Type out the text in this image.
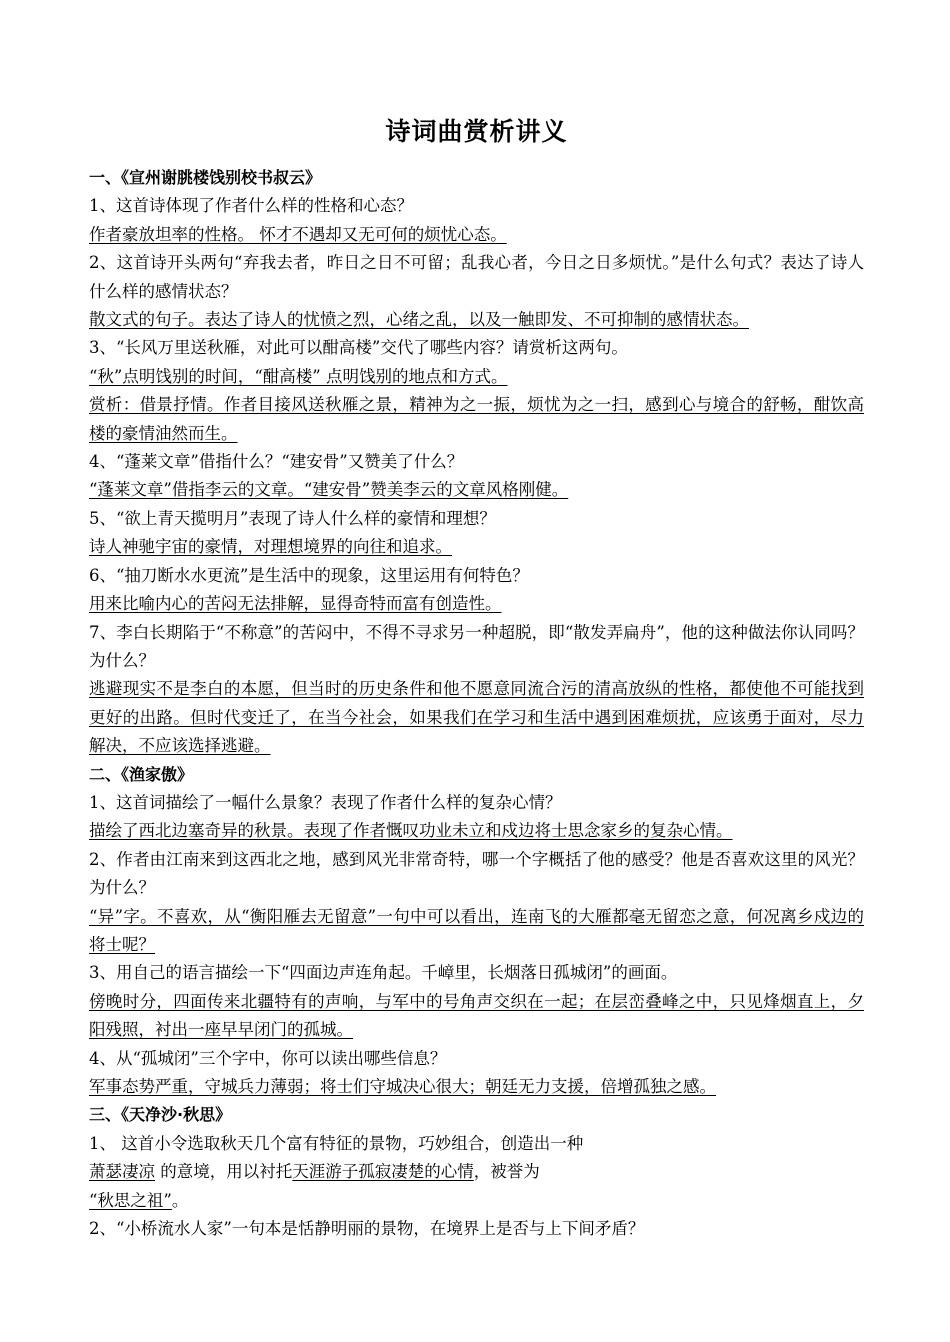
诗词曲赏析讲义

一、《宣州谢朓楼饯别校书叔云》

1、这首诗体现了作者什么样的性格和心态？

作者豪放坦率的性格。 怀才不遇却又无可何的烦忧心态。

2、这首诗开头两句“弃我去者，昨日之日不可留；乱我心者，今日之日多烦忧。”是什么句式？表达了诗人什么样的感情状态？

散文式的句子。表达了诗人的忧愤之烈，心绪之乱，以及一触即发、不可抑制的感情状态。

3、“长风万里送秋雁，对此可以酣高楼”交代了哪些内容？请赏析这两句。

“秋”点明饯别的时间，“酣高楼” 点明饯别的地点和方式。

赏析：借景抒情。作者目接风送秋雁之景，精神为之一振，烦忧为之一扫，感到心与境合的舒畅，酣饮高楼的豪情油然而生。

4、“蓬莱文章”借指什么？“建安骨”又赞美了什么？

“蓬莱文章”借指李云的文章。“建安骨”赞美李云的文章风格刚健。

5、“欲上青天揽明月”表现了诗人什么样的豪情和理想？

诗人神驰宇宙的豪情，对理想境界的向往和追求。

6、“抽刀断水水更流”是生活中的现象，这里运用有何特色？

用来比喻内心的苦闷无法排解，显得奇特而富有创造性。

7、李白长期陷于“不称意”的苦闷中，不得不寻求另一种超脱，即“散发弄扁舟”，他的这种做法你认同吗？为什么？

逃避现实不是李白的本愿，但当时的历史条件和他不愿意同流合污的清高放纵的性格，都使他不可能找到更好的出路。但时代变迁了，在当今社会，如果我们在学习和生活中遇到困难烦扰，应该勇于面对，尽力解决，不应该选择逃避。

二、《渔家傲》

1、这首词描绘了一幅什么景象？表现了作者什么样的复杂心情？

描绘了西北边塞奇异的秋景。表现了作者慨叹功业未立和戍边将士思念家乡的复杂心情。

2、作者由江南来到这西北之地，感到风光非常奇特，哪一个字概括了他的感受？他是否喜欢这里的风光？为什么？

“异”字。不喜欢，从“衡阳雁去无留意”一句中可以看出，连南飞的大雁都毫无留恋之意，何况离乡戍边的将士呢？

3、用自己的语言描绘一下“四面边声连角起。千嶂里，长烟落日孤城闭”的画面。

傍晚时分，四面传来北疆特有的声响，与军中的号角声交织在一起；在层峦叠峰之中，只见烽烟直上，夕阳残照，衬出一座早早闭门的孤城。

4、从“孤城闭”三个字中，你可以读出哪些信息？

军事态势严重，守城兵力薄弱；将士们守城决心很大；朝廷无力支援，倍增孤独之感。

三、《天净沙·秋思》

1、 这首小令选取秋天几个富有特征的景物，巧妙组合，创造出一种
萧瑟凄凉 的意境，用以衬托天涯游子孤寂凄楚的心情，被誉为
“秋思之祖”。

2、“小桥流水人家”一句本是恬静明丽的景物，在境界上是否与上下间矛盾？
